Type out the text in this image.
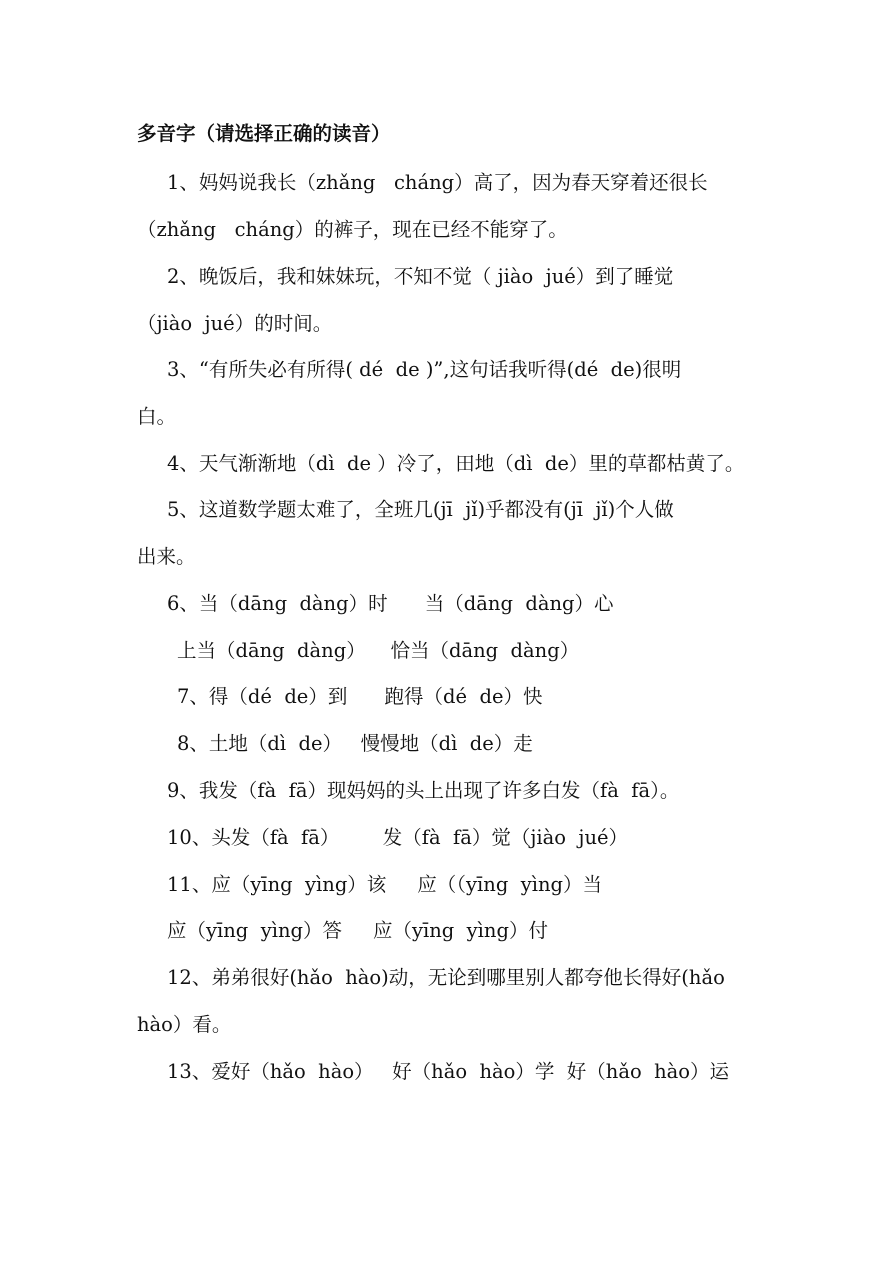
多音字（请选择正确的读音）
1、妈妈说我长（zhǎng   cháng）高了，因为春天穿着还很长
（zhǎng   cháng）的裤子，现在已经不能穿了。
2、晚饭后，我和妹妹玩，不知不觉（ jiào  jué）到了睡觉
（jiào  jué）的时间。
3、“有所失必有所得( dé  de )”,这句话我听得(dé  de)很明
白。
4、天气渐渐地（dì  de ）冷了，田地（dì  de）里的草都枯黄了。
5、这道数学题太难了，全班几(jī  jǐ)乎都没有(jī  jǐ)个人做
出来。
6、当（dāng  dàng）时      当（dāng  dàng）心
上当（dāng  dàng）    恰当（dāng  dàng）
7、得（dé  de）到      跑得（dé  de）快
8、土地（dì  de）   慢慢地（dì  de）走
9、我发（fà  fā）现妈妈的头上出现了许多白发（fà  fā）。
10、头发（fà  fā）       发（fà  fā）觉（jiào  jué）
11、应（yīng  yìng）该     应（（yīng  yìng）当
应（yīng  yìng）答     应（yīng  yìng）付
12、弟弟很好(hǎo  hào)动，无论到哪里别人都夸他长得好(hǎo
hào）看。
13、爱好（hǎo  hào）   好（hǎo  hào）学  好（hǎo  hào）运
